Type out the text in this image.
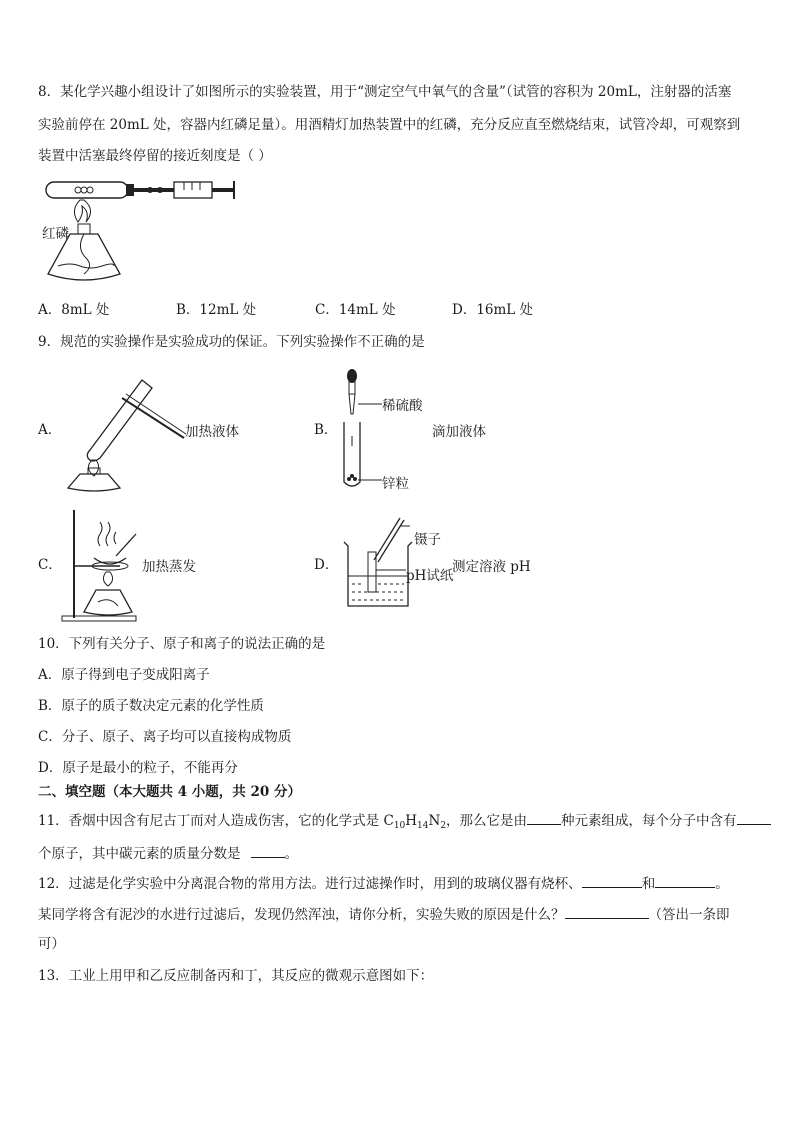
8．某化学兴趣小组设计了如图所示的实验装置，用于“测定空气中氧气的含量”（试管的容积为 20mL，注射器的活塞
实验前停在 20mL 处，容器内红磷足量）。用酒精灯加热装置中的红磷，充分反应直至燃烧结束，试管冷却，可观察到
装置中活塞最终停留的接近刻度是（ ）
红磷
A．8mL 处	B．12mL 处	C．14mL 处	D．16mL 处
9．规范的实验操作是实验成功的保证。下列实验操作不正确的是
A．	加热液体	B．
稀硫酸
滴加液体
锌粒
C．	加热蒸发	D．
镊子
pH试纸
测定溶液 pH
10．下列有关分子、原子和离子的说法正确的是
A．原子得到电子变成阳离子
B．原子的质子数决定元素的化学性质
C．分子、原子、离子均可以直接构成物质
D．原子是最小的粒子，不能再分
二、填空题（本大题共 4 小题，共 20 分）
11．香烟中因含有尼古丁而对人造成伤害，它的化学式是 $C_{10}H_{14}N_2$，那么它是由	种元素组成，每个分子中含有
个原子，其中碳元素的质量分数是	。
12．过滤是化学实验中分离混合物的常用方法。进行过滤操作时，用到的玻璃仪器有烧杯、	和	。
某同学将含有泥沙的水进行过滤后，发现仍然浑浊，请你分析，实验失败的原因是什么？	（答出一条即
可）
13．工业上用甲和乙反应制备丙和丁，其反应的微观示意图如下：
